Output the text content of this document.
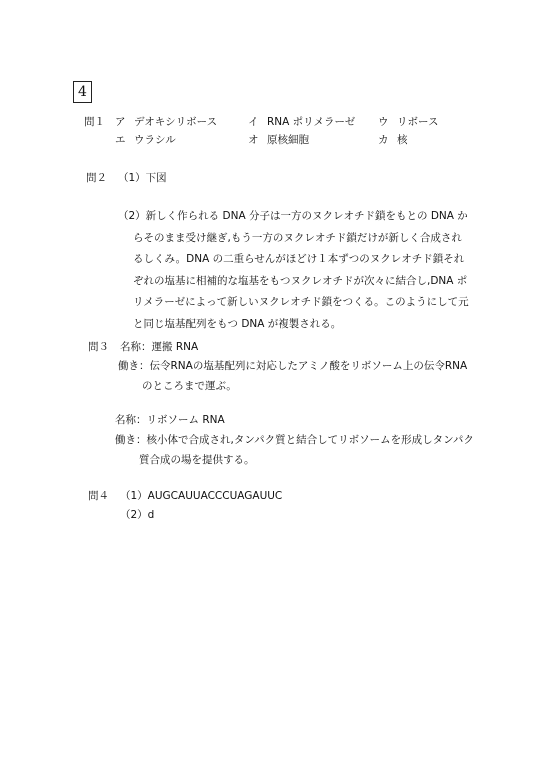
4
問１ ア デオキシリボース	イ RNA ポリメラーゼ ウ リボース
エ ウラシル	オ 原核細胞	カ 核
問２ （1）下図
（2）新しく作られる DNA 分子は一方のヌクレオチド鎖をもとの DNA か
らそのまま受け継ぎ,もう一方のヌクレオチド鎖だけが新しく合成され
るしくみ。DNA の二重らせんがほどけ１本ずつのヌクレオチド鎖それ
ぞれの塩基に相補的な塩基をもつヌクレオチドが次々に結合し,DNA ポ
リメラーゼによって新しいヌクレオチド鎖をつくる。このようにして元
と同じ塩基配列をもつ DNA が複製される。
問３ 名称：運搬 RNA
働き：伝令RNAの塩基配列に対応したアミノ酸をリボソーム上の伝令RNA
のところまで運ぶ。
名称：リボソーム RNA
働き：核小体で合成され,タンパク質と結合してリボソームを形成しタンパク
質合成の場を提供する。
問４ （1）AUGCAUUACCCUAGAUUC
（2）d
